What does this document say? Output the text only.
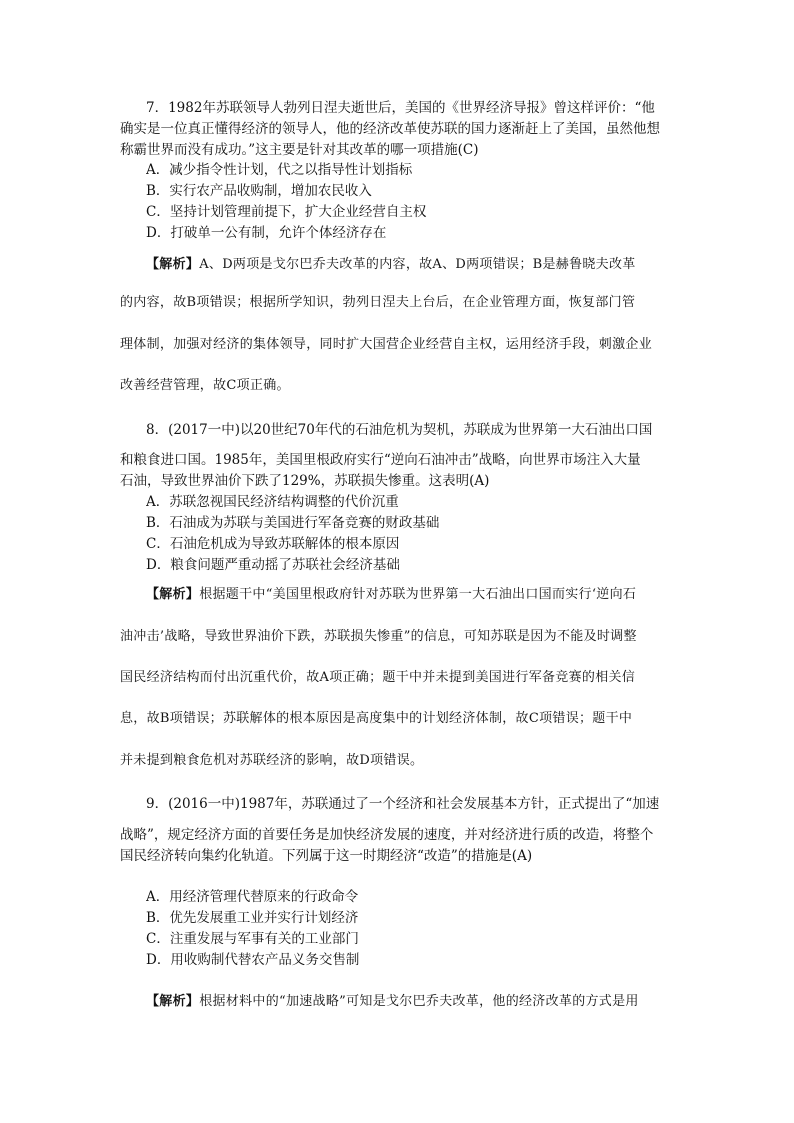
7．1982年苏联领导人勃列日涅夫逝世后，美国的《世界经济导报》曾这样评价：“他
确实是一位真正懂得经济的领导人，他的经济改革使苏联的国力逐渐赶上了美国，虽然他想
称霸世界而没有成功。”这主要是针对其改革的哪一项措施(C)
A．减少指令性计划，代之以指导性计划指标
B．实行农产品收购制，增加农民收入
C．坚持计划管理前提下，扩大企业经营自主权
D．打破单一公有制，允许个体经济存在
【解析】A、D两项是戈尔巴乔夫改革的内容，故A、D两项错误；B是赫鲁晓夫改革
的内容，故B项错误；根据所学知识，勃列日涅夫上台后，在企业管理方面，恢复部门管
理体制，加强对经济的集体领导，同时扩大国营企业经营自主权，运用经济手段，刺激企业
改善经营管理，故C项正确。
8．(2017一中)以20世纪70年代的石油危机为契机，苏联成为世界第一大石油出口国
和粮食进口国。1985年，美国里根政府实行“逆向石油冲击”战略，向世界市场注入大量
石油，导致世界油价下跌了129%，苏联损失惨重。这表明(A)
A．苏联忽视国民经济结构调整的代价沉重
B．石油成为苏联与美国进行军备竞赛的财政基础
C．石油危机成为导致苏联解体的根本原因
D．粮食问题严重动摇了苏联社会经济基础
【解析】根据题干中“美国里根政府针对苏联为世界第一大石油出口国而实行‘逆向石
油冲击’战略，导致世界油价下跌，苏联损失惨重”的信息，可知苏联是因为不能及时调整
国民经济结构而付出沉重代价，故A项正确；题干中并未提到美国进行军备竞赛的相关信
息，故B项错误；苏联解体的根本原因是高度集中的计划经济体制，故C项错误；题干中
并未提到粮食危机对苏联经济的影响，故D项错误。
9．(2016一中)1987年，苏联通过了一个经济和社会发展基本方针，正式提出了“加速
战略”，规定经济方面的首要任务是加快经济发展的速度，并对经济进行质的改造，将整个
国民经济转向集约化轨道。下列属于这一时期经济“改造”的措施是(A)
A．用经济管理代替原来的行政命令
B．优先发展重工业并实行计划经济
C．注重发展与军事有关的工业部门
D．用收购制代替农产品义务交售制
【解析】根据材料中的“加速战略”可知是戈尔巴乔夫改革，他的经济改革的方式是用
